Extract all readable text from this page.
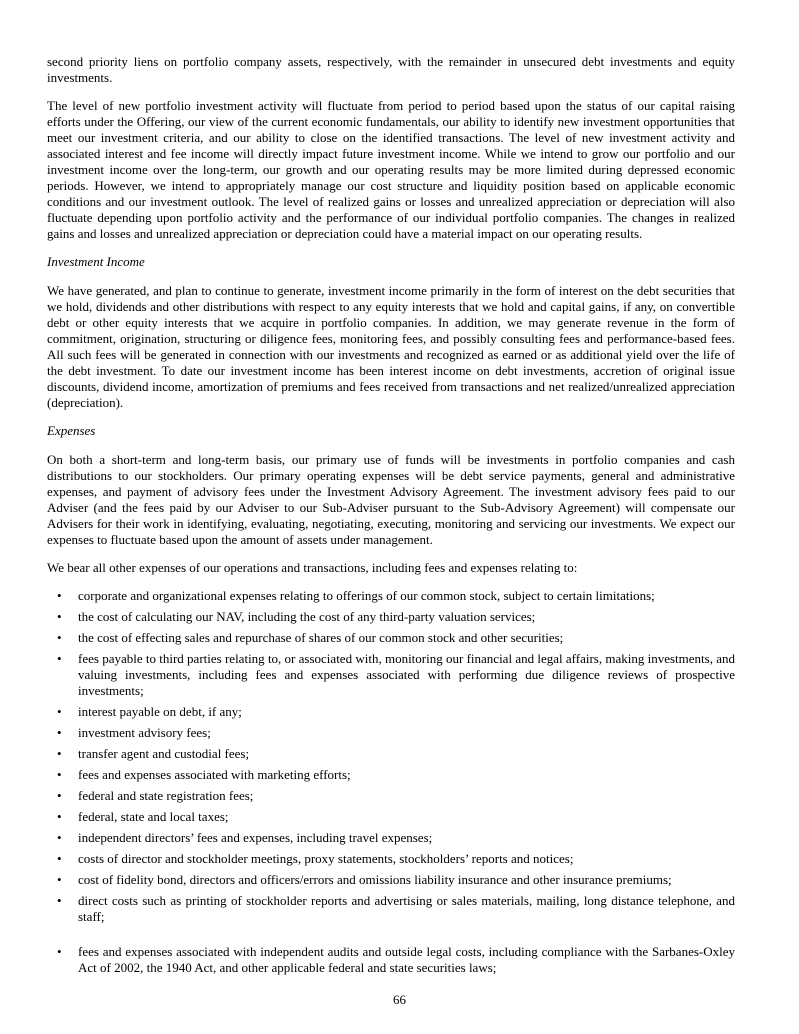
second priority liens on portfolio company assets, respectively, with the remainder in unsecured debt investments and equity investments.

The level of new portfolio investment activity will fluctuate from period to period based upon the status of our capital raising efforts under the Offering, our view of the current economic fundamentals, our ability to identify new investment opportunities that meet our investment criteria, and our ability to close on the identified transactions. The level of new investment activity and associated interest and fee income will directly impact future investment income. While we intend to grow our portfolio and our investment income over the long-term, our growth and our operating results may be more limited during depressed economic periods. However, we intend to appropriately manage our cost structure and liquidity position based on applicable economic conditions and our investment outlook. The level of realized gains or losses and unrealized appreciation or depreciation will also fluctuate depending upon portfolio activity and the performance of our individual portfolio companies. The changes in realized gains and losses and unrealized appreciation or depreciation could have a material impact on our operating results.

Investment Income

We have generated, and plan to continue to generate, investment income primarily in the form of interest on the debt securities that we hold, dividends and other distributions with respect to any equity interests that we hold and capital gains, if any, on convertible debt or other equity interests that we acquire in portfolio companies. In addition, we may generate revenue in the form of commitment, origination, structuring or diligence fees, monitoring fees, and possibly consulting fees and performance-based fees. All such fees will be generated in connection with our investments and recognized as earned or as additional yield over the life of the debt investment. To date our investment income has been interest income on debt investments, accretion of original issue discounts, dividend income, amortization of premiums and fees received from transactions and net realized/unrealized appreciation (depreciation).

Expenses

On both a short-term and long-term basis, our primary use of funds will be investments in portfolio companies and cash distributions to our stockholders. Our primary operating expenses will be debt service payments, general and administrative expenses, and payment of advisory fees under the Investment Advisory Agreement. The investment advisory fees paid to our Adviser (and the fees paid by our Adviser to our Sub-Adviser pursuant to the Sub-Advisory Agreement) will compensate our Advisers for their work in identifying, evaluating, negotiating, executing, monitoring and servicing our investments. We expect our expenses to fluctuate based upon the amount of assets under management.

We bear all other expenses of our operations and transactions, including fees and expenses relating to:

•
corporate and organizational expenses relating to offerings of our common stock, subject to certain limitations;
•
the cost of calculating our NAV, including the cost of any third-party valuation services;
•
the cost of effecting sales and repurchase of shares of our common stock and other securities;
•
fees payable to third parties relating to, or associated with, monitoring our financial and legal affairs, making investments, and valuing investments, including fees and expenses associated with performing due diligence reviews of prospective investments;
•
interest payable on debt, if any;
•
investment advisory fees;
•
transfer agent and custodial fees;
•
fees and expenses associated with marketing efforts;
•
federal and state registration fees;
•
federal, state and local taxes;
•
independent directors’ fees and expenses, including travel expenses;
•
costs of director and stockholder meetings, proxy statements, stockholders’ reports and notices;
•
cost of fidelity bond, directors and officers/errors and omissions liability insurance and other insurance premiums;
•
direct costs such as printing of stockholder reports and advertising or sales materials, mailing, long distance telephone, and staff;
•
fees and expenses associated with independent audits and outside legal costs, including compliance with the Sarbanes-Oxley Act of 2002, the 1940 Act, and other applicable federal and state securities laws;
66
